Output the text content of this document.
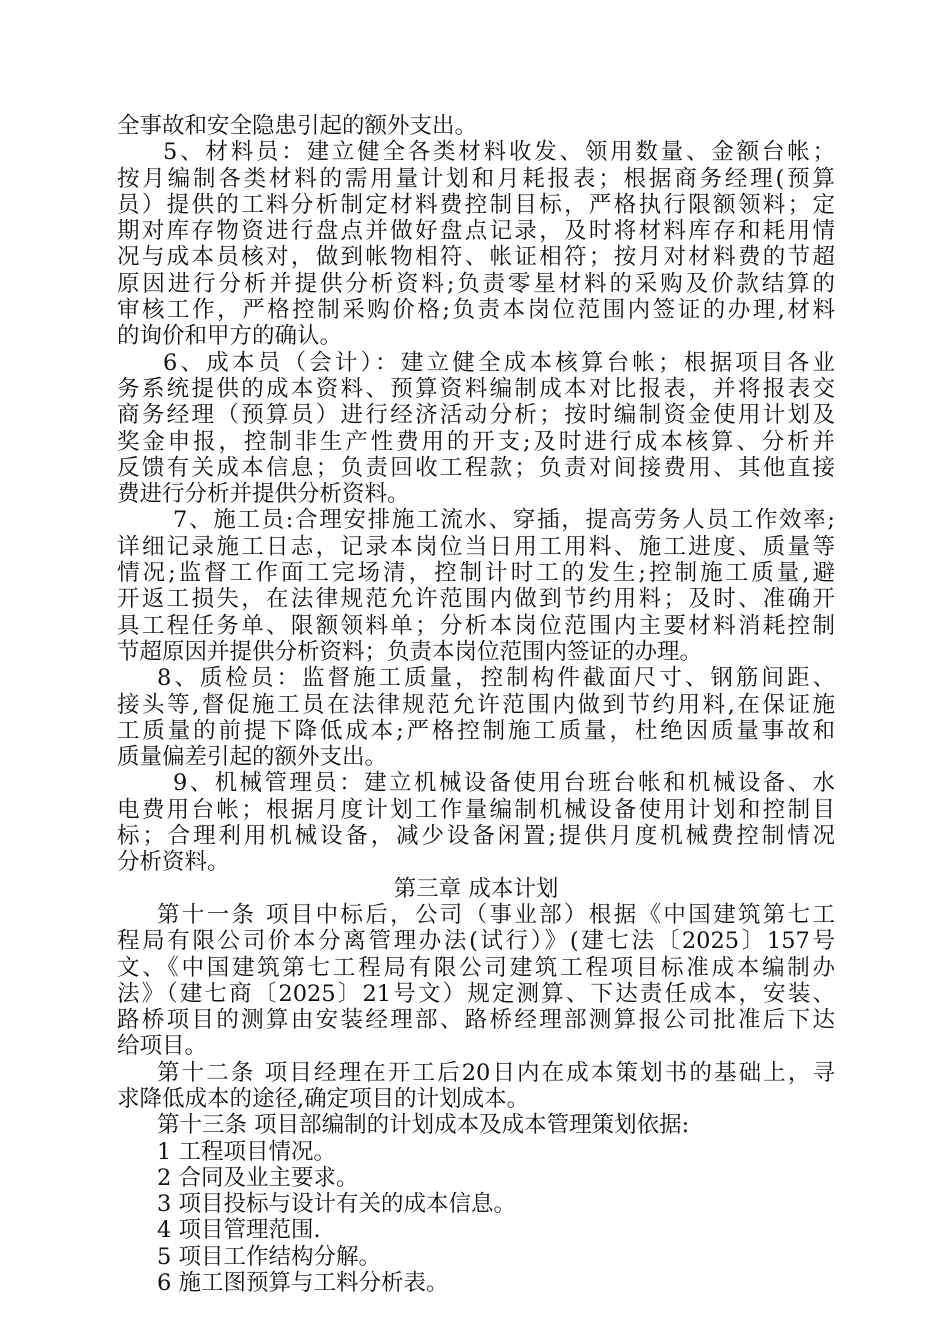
全事故和安全隐患引起的额外支出。
5、材料员：建立健全各类材料收发、领用数量、金额台帐；
按月编制各类材料的需用量计划和月耗报表；根据商务经理(预算
员）提供的工料分析制定材料费控制目标，严格执行限额领料；定
期对库存物资进行盘点并做好盘点记录，及时将材料库存和耗用情
况与成本员核对，做到帐物相符、帐证相符；按月对材料费的节超
原因进行分析并提供分析资料;负责零星材料的采购及价款结算的
审核工作，严格控制采购价格;负责本岗位范围内签证的办理,材料
的询价和甲方的确认。
6、成本员（会计）：建立健全成本核算台帐；根据项目各业
务系统提供的成本资料、预算资料编制成本对比报表，并将报表交
商务经理（预算员）进行经济活动分析；按时编制资金使用计划及
奖金申报，控制非生产性费用的开支;及时进行成本核算、分析并
反馈有关成本信息；负责回收工程款；负责对间接费用、其他直接
费进行分析并提供分析资料。
7、施工员:合理安排施工流水、穿插，提高劳务人员工作效率;
详细记录施工日志，记录本岗位当日用工用料、施工进度、质量等
情况;监督工作面工完场清，控制计时工的发生;控制施工质量,避
开返工损失，在法律规范允许范围内做到节约用料；及时、准确开
具工程任务单、限额领料单；分析本岗位范围内主要材料消耗控制
节超原因并提供分析资料；负责本岗位范围内签证的办理。
8、质检员：监督施工质量，控制构件截面尺寸、钢筋间距、
接头等,督促施工员在法律规范允许范围内做到节约用料,在保证施
工质量的前提下降低成本;严格控制施工质量，杜绝因质量事故和
质量偏差引起的额外支出。
9、机械管理员：建立机械设备使用台班台帐和机械设备、水
电费用台帐；根据月度计划工作量编制机械设备使用计划和控制目
标；合理利用机械设备，减少设备闲置;提供月度机械费控制情况
分析资料。
第三章 成本计划
第十一条 项目中标后，公司（事业部）根据《中国建筑第七工
程局有限公司价本分离管理办法(试行）》(建七法〔2025〕157号
文、《中国建筑第七工程局有限公司建筑工程项目标准成本编制办
法》（建七商〔2025〕21号文）规定测算、下达责任成本，安装、
路桥项目的测算由安装经理部、路桥经理部测算报公司批准后下达
给项目。
第十二条 项目经理在开工后20日内在成本策划书的基础上，寻
求降低成本的途径,确定项目的计划成本。
第十三条 项目部编制的计划成本及成本管理策划依据:
1 工程项目情况。
2 合同及业主要求。
3 项目投标与设计有关的成本信息。
4 项目管理范围.
5 项目工作结构分解。
6 施工图预算与工料分析表。
